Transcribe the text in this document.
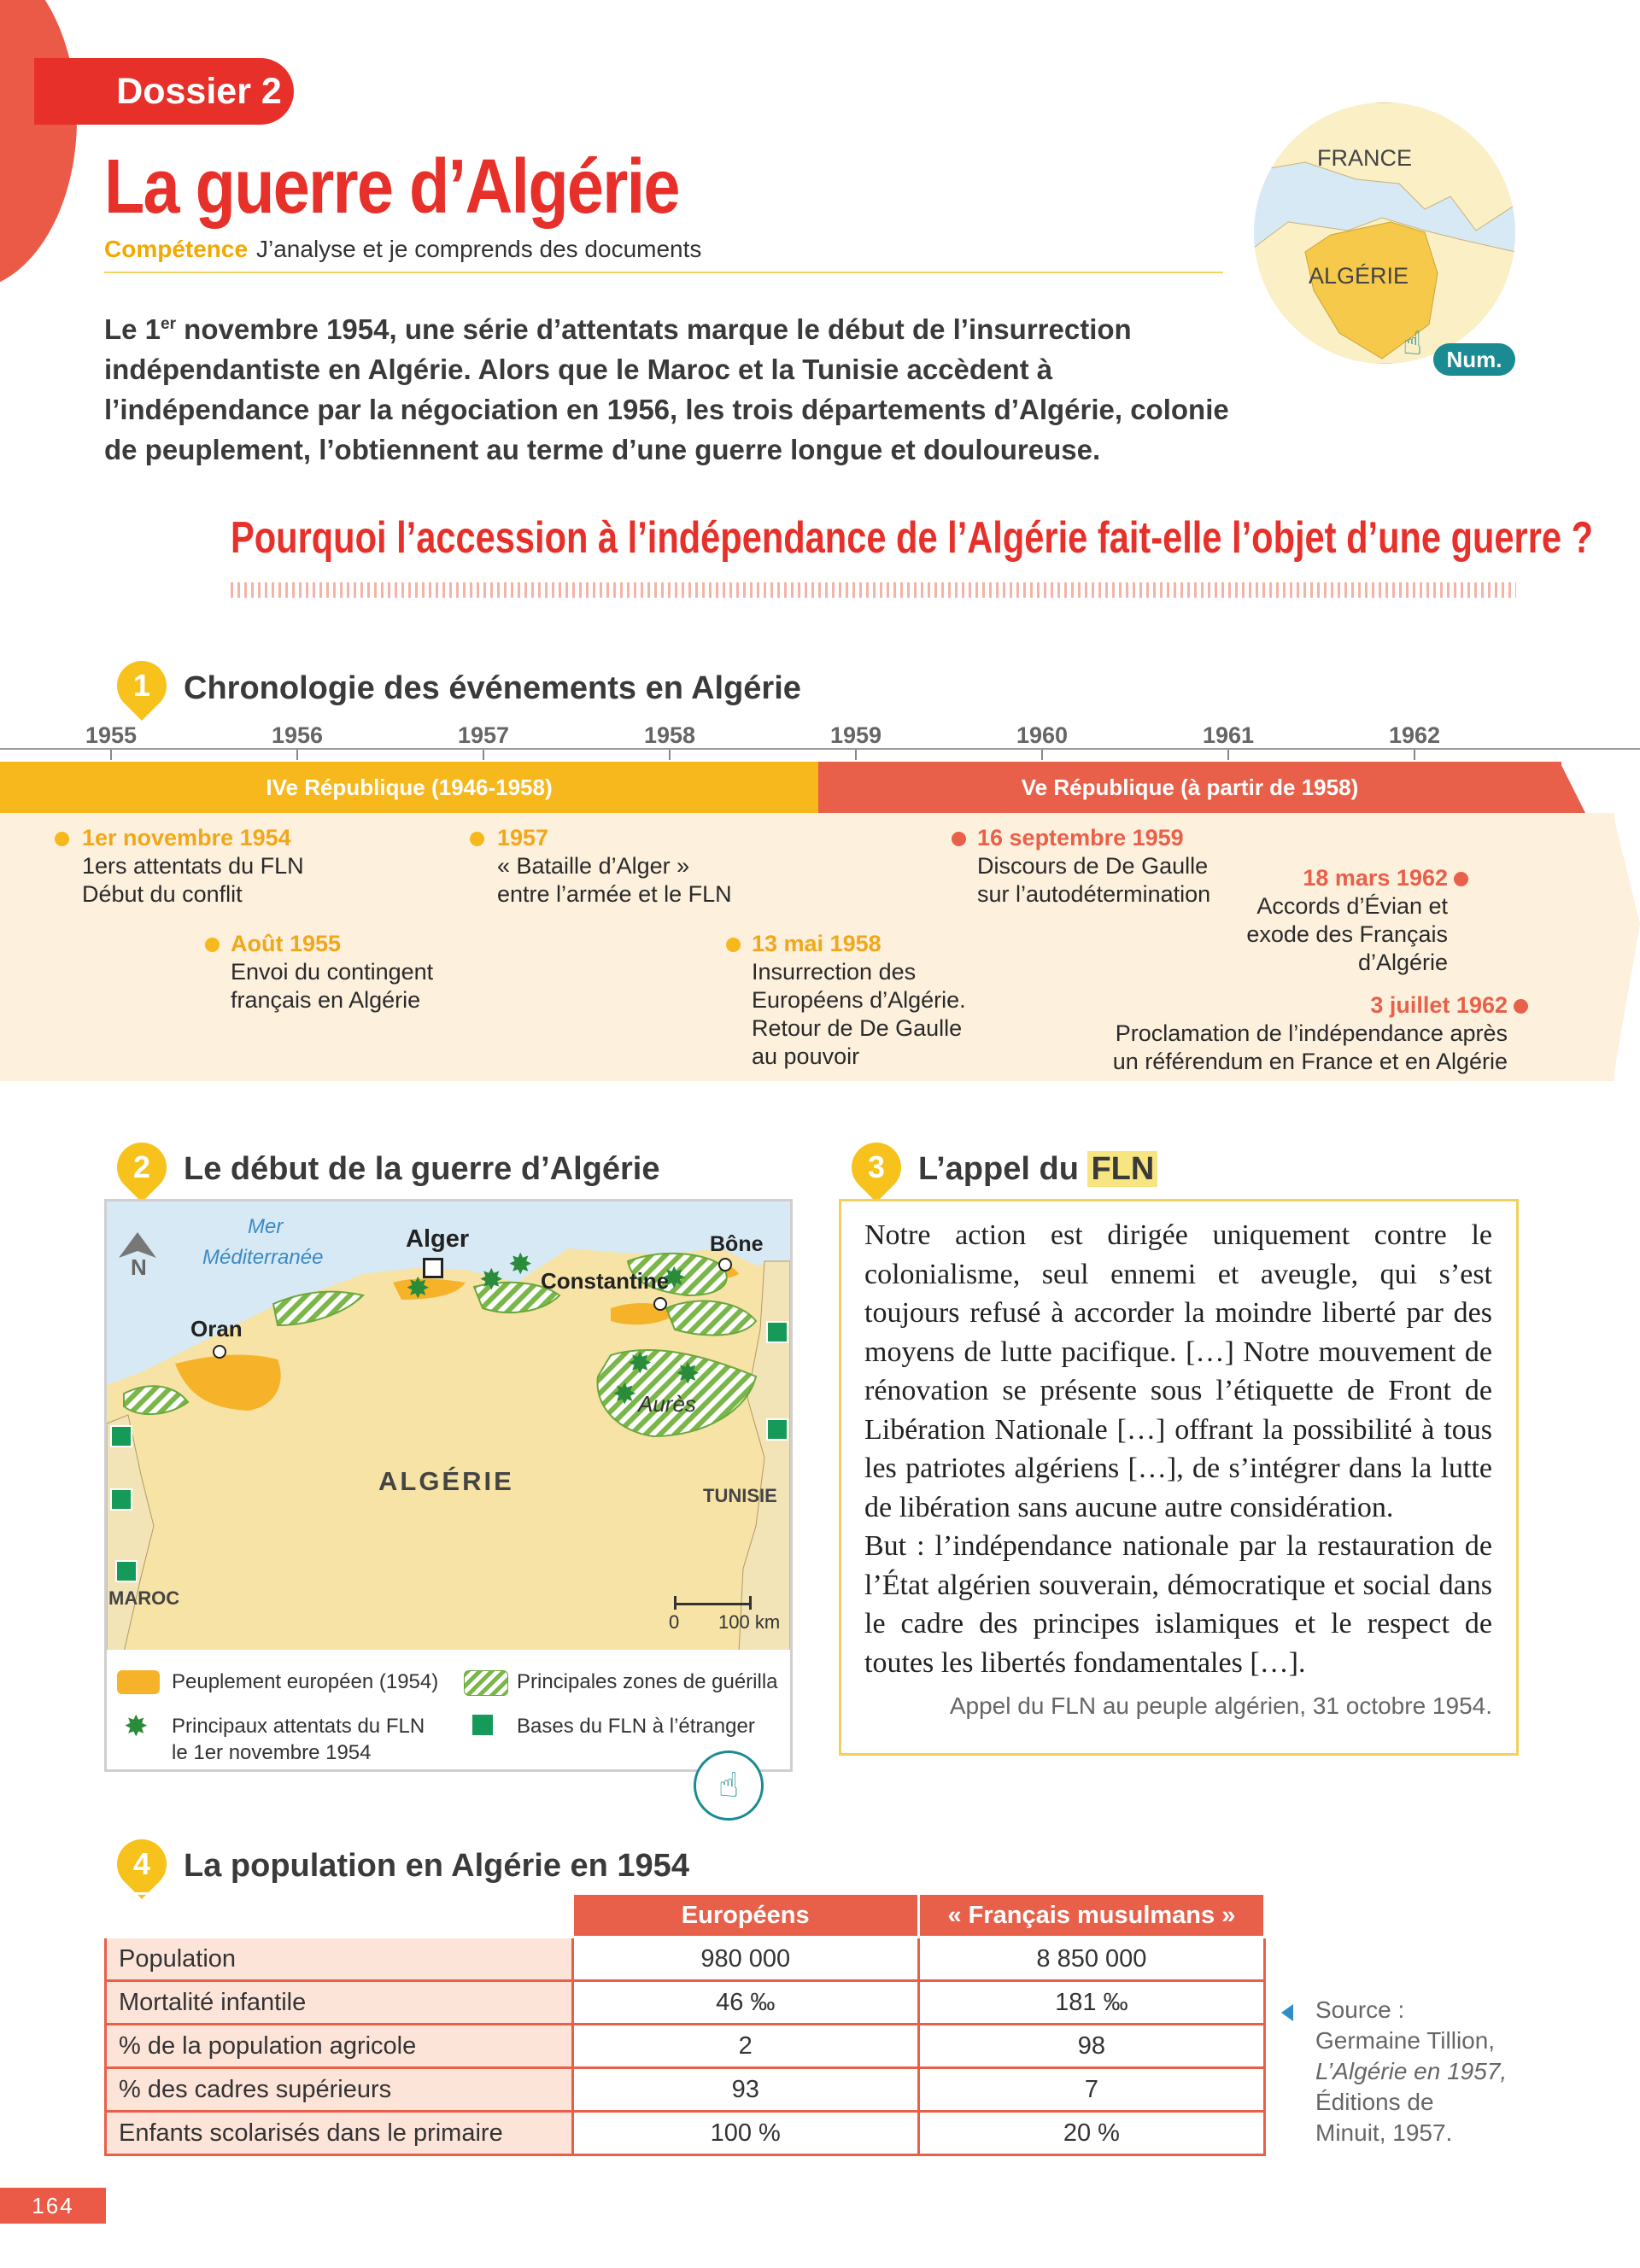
Dossier 2
La guerre d’Algérie
Compétence J’analyse et je comprends des documents
Le 1er novembre 1954, une série d’attentats marque le début de l’insurrection indépendantiste en Algérie. Alors que le Maroc et la Tunisie accèdent à l’indépendance par la négociation en 1956, les trois départements d’Algérie, colonie de peuplement, l’obtiennent au terme d’une guerre longue et douloureuse.
FRANCE
ALGÉRIE
☝	Num.
Pourquoi l’accession à l’indépendance de l’Algérie fait-elle l’objet d’une guerre ?
1	Chronologie des événements en Algérie
1955	1956	1957	1958	1959	1960	1961	1962
IVe République (1946-1958)	Ve République (à partir de 1958)
1er novembre 1954
1ers attentats du FLN
Début du conflit
Août 1955
Envoi du contingent
français en Algérie
1957
« Bataille d’Alger »
entre l’armée et le FLN
13 mai 1958
Insurrection des
Européens d’Algérie.
Retour de De Gaulle
au pouvoir
16 septembre 1959
Discours de De Gaulle
sur l’autodétermination
18 mars 1962
Accords d’Évian et
exode des Français
d’Algérie
3 juillet 1962
Proclamation de l’indépendance après
un référendum en France et en Algérie
2	Le début de la guerre d’Algérie
Mer
Méditerranée
N
Alger
Oran
Constantine
Bône
Aurès
ALGÉRIE	TUNISIE
MAROC
✸ ✸ ✸	✸
✸ ✸
✸
0 100 km
Peuplement européen (1954)	Principales zones de guérilla
✸ Principaux attentats du FLN
le 1er novembre 1954
Bases du FLN à l’étranger
☝
3	L’appel du FLN
Notre action est dirigée uniquement contre le colonialisme, seul ennemi et aveugle, qui s’est toujours refusé à accorder la moindre liberté par des moyens de lutte pacifique. […] Notre mouvement de rénovation se présente sous l’étiquette de Front de Libération Nationale […] offrant la possibilité à tous les patriotes algériens […], de s’intégrer dans la lutte de libération sans aucune autre considération.
But : l’indépendance nationale par la restauration de l’État algérien souverain, démocratique et social dans le cadre des principes islamiques et le respect de toutes les libertés fondamentales […].
Appel du FLN au peuple algérien, 31 octobre 1954.
4	La population en Algérie en 1954
	Européens	« Français musulmans »
Population	980 000	8 850 000
Mortalité infantile	46 ‰	181 ‰
% de la population agricole	2	98
% des cadres supérieurs	93	7
Enfants scolarisés dans le primaire	100 %	20 %
Source :
Germaine Tillion,
L’Algérie en 1957,
Éditions de
Minuit, 1957.
164
